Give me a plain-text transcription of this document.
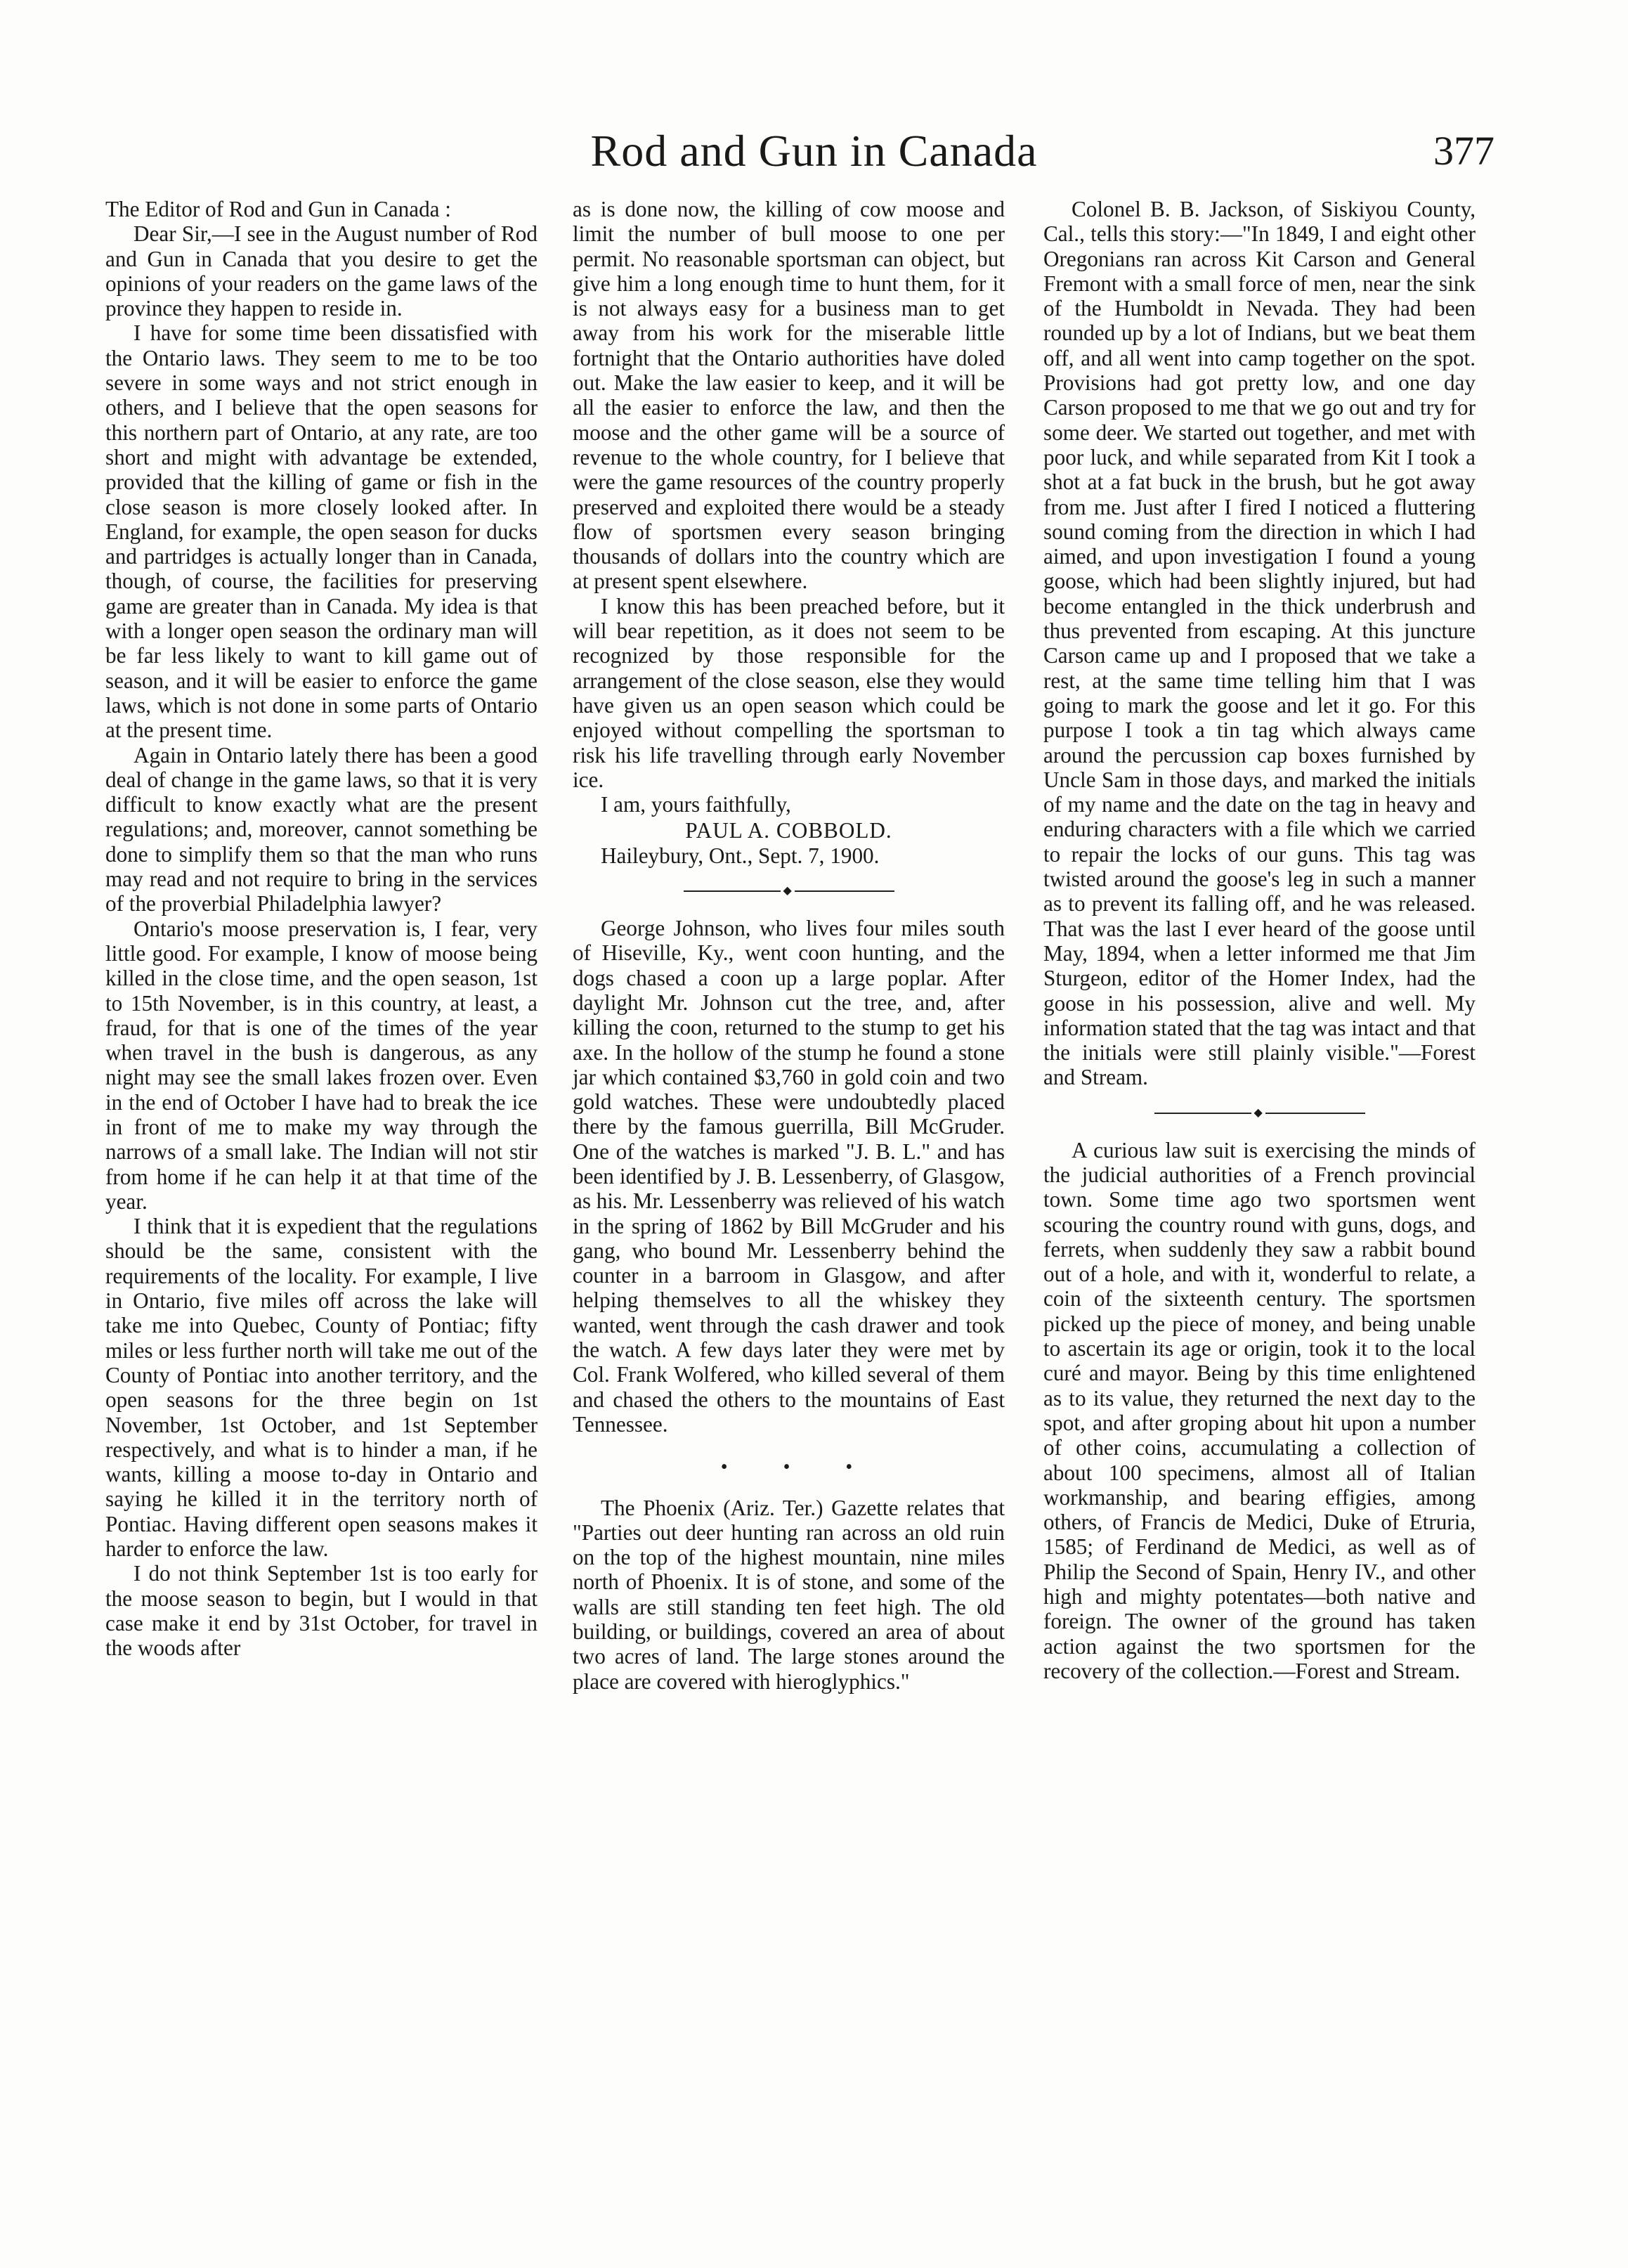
Rod and Gun in Canada	377

The Editor of Rod and Gun in Canada :

Dear Sir,—I see in the August number of Rod and Gun in Canada that you desire to get the opinions of your readers on the game laws of the province they happen to reside in.

I have for some time been dissatisfied with the Ontario laws. They seem to me to be too severe in some ways and not strict enough in others, and I believe that the open seasons for this northern part of Ontario, at any rate, are too short and might with advantage be extended, provided that the killing of game or fish in the close season is more closely looked after. In England, for example, the open season for ducks and partridges is actually longer than in Canada, though, of course, the facilities for preserving game are greater than in Canada. My idea is that with a longer open season the ordinary man will be far less likely to want to kill game out of season, and it will be easier to enforce the game laws, which is not done in some parts of Ontario at the present time.

Again in Ontario lately there has been a good deal of change in the game laws, so that it is very difficult to know exactly what are the present regulations; and, moreover, cannot something be done to simplify them so that the man who runs may read and not require to bring in the services of the proverbial Philadelphia lawyer?

Ontario's moose preservation is, I fear, very little good. For example, I know of moose being killed in the close time, and the open season, 1st to 15th November, is in this country, at least, a fraud, for that is one of the times of the year when travel in the bush is dangerous, as any night may see the small lakes frozen over. Even in the end of October I have had to break the ice in front of me to make my way through the narrows of a small lake. The Indian will not stir from home if he can help it at that time of the year.

I think that it is expedient that the regulations should be the same, consistent with the requirements of the locality. For example, I live in Ontario, five miles off across the lake will take me into Quebec, County of Pontiac; fifty miles or less further north will take me out of the County of Pontiac into another territory, and the open seasons for the three begin on 1st November, 1st October, and 1st September respectively, and what is to hinder a man, if he wants, killing a moose to-day in Ontario and saying he killed it in the territory north of Pontiac. Having different open seasons makes it harder to enforce the law.

I do not think September 1st is too early for the moose season to begin, but I would in that case make it end by 31st October, for travel in the woods after

as is done now, the killing of cow moose and limit the number of bull moose to one per permit. No reasonable sportsman can object, but give him a long enough time to hunt them, for it is not always easy for a business man to get away from his work for the miserable little fortnight that the Ontario authorities have doled out. Make the law easier to keep, and it will be all the easier to enforce the law, and then the moose and the other game will be a source of revenue to the whole country, for I believe that were the game resources of the country properly preserved and exploited there would be a steady flow of sportsmen every season bringing thousands of dollars into the country which are at present spent elsewhere.

I know this has been preached before, but it will bear repetition, as it does not seem to be recognized by those responsible for the arrangement of the close season, else they would have given us an open season which could be enjoyed without compelling the sportsman to risk his life travelling through early November ice.

I am, yours faithfully,

PAUL A. COBBOLD.

Haileybury, Ont., Sept. 7, 1900.

◆

George Johnson, who lives four miles south of Hiseville, Ky., went coon hunting, and the dogs chased a coon up a large poplar. After daylight Mr. Johnson cut the tree, and, after killing the coon, returned to the stump to get his axe. In the hollow of the stump he found a stone jar which contained $3,760 in gold coin and two gold watches. These were undoubtedly placed there by the famous guerrilla, Bill McGruder. One of the watches is marked "J. B. L." and has been identified by J. B. Lessenberry, of Glasgow, as his. Mr. Lessenberry was relieved of his watch in the spring of 1862 by Bill McGruder and his gang, who bound Mr. Lessenberry behind the counter in a barroom in Glasgow, and after helping themselves to all the whiskey they wanted, went through the cash drawer and took the watch. A few days later they were met by Col. Frank Wolfered, who killed several of them and chased the others to the mountains of East Tennessee.

• • •

The Phoenix (Ariz. Ter.) Gazette relates that "Parties out deer hunting ran across an old ruin on the top of the highest mountain, nine miles north of Phoenix. It is of stone, and some of the walls are still standing ten feet high. The old building, or buildings, covered an area of about two acres of land. The large stones around the place are covered with hieroglyphics."

Colonel B. B. Jackson, of Siskiyou County, Cal., tells this story:—"In 1849, I and eight other Oregonians ran across Kit Carson and General Fremont with a small force of men, near the sink of the Humboldt in Nevada. They had been rounded up by a lot of Indians, but we beat them off, and all went into camp together on the spot. Provisions had got pretty low, and one day Carson proposed to me that we go out and try for some deer. We started out together, and met with poor luck, and while separated from Kit I took a shot at a fat buck in the brush, but he got away from me. Just after I fired I noticed a fluttering sound coming from the direction in which I had aimed, and upon investigation I found a young goose, which had been slightly injured, but had become entangled in the thick underbrush and thus prevented from escaping. At this juncture Carson came up and I proposed that we take a rest, at the same time telling him that I was going to mark the goose and let it go. For this purpose I took a tin tag which always came around the percussion cap boxes furnished by Uncle Sam in those days, and marked the initials of my name and the date on the tag in heavy and enduring characters with a file which we carried to repair the locks of our guns. This tag was twisted around the goose's leg in such a manner as to prevent its falling off, and he was released. That was the last I ever heard of the goose until May, 1894, when a letter informed me that Jim Sturgeon, editor of the Homer Index, had the goose in his possession, alive and well. My information stated that the tag was intact and that the initials were still plainly visible."—Forest and Stream.

◆

A curious law suit is exercising the minds of the judicial authorities of a French provincial town. Some time ago two sportsmen went scouring the country round with guns, dogs, and ferrets, when suddenly they saw a rabbit bound out of a hole, and with it, wonderful to relate, a coin of the sixteenth century. The sportsmen picked up the piece of money, and being unable to ascertain its age or origin, took it to the local curé and mayor. Being by this time enlightened as to its value, they returned the next day to the spot, and after groping about hit upon a number of other coins, accumulating a collection of about 100 specimens, almost all of Italian workmanship, and bearing effigies, among others, of Francis de Medici, Duke of Etruria, 1585; of Ferdinand de Medici, as well as of Philip the Second of Spain, Henry IV., and other high and mighty potentates—both native and foreign. The owner of the ground has taken action against the two sportsmen for the recovery of the collection.—Forest and Stream.
